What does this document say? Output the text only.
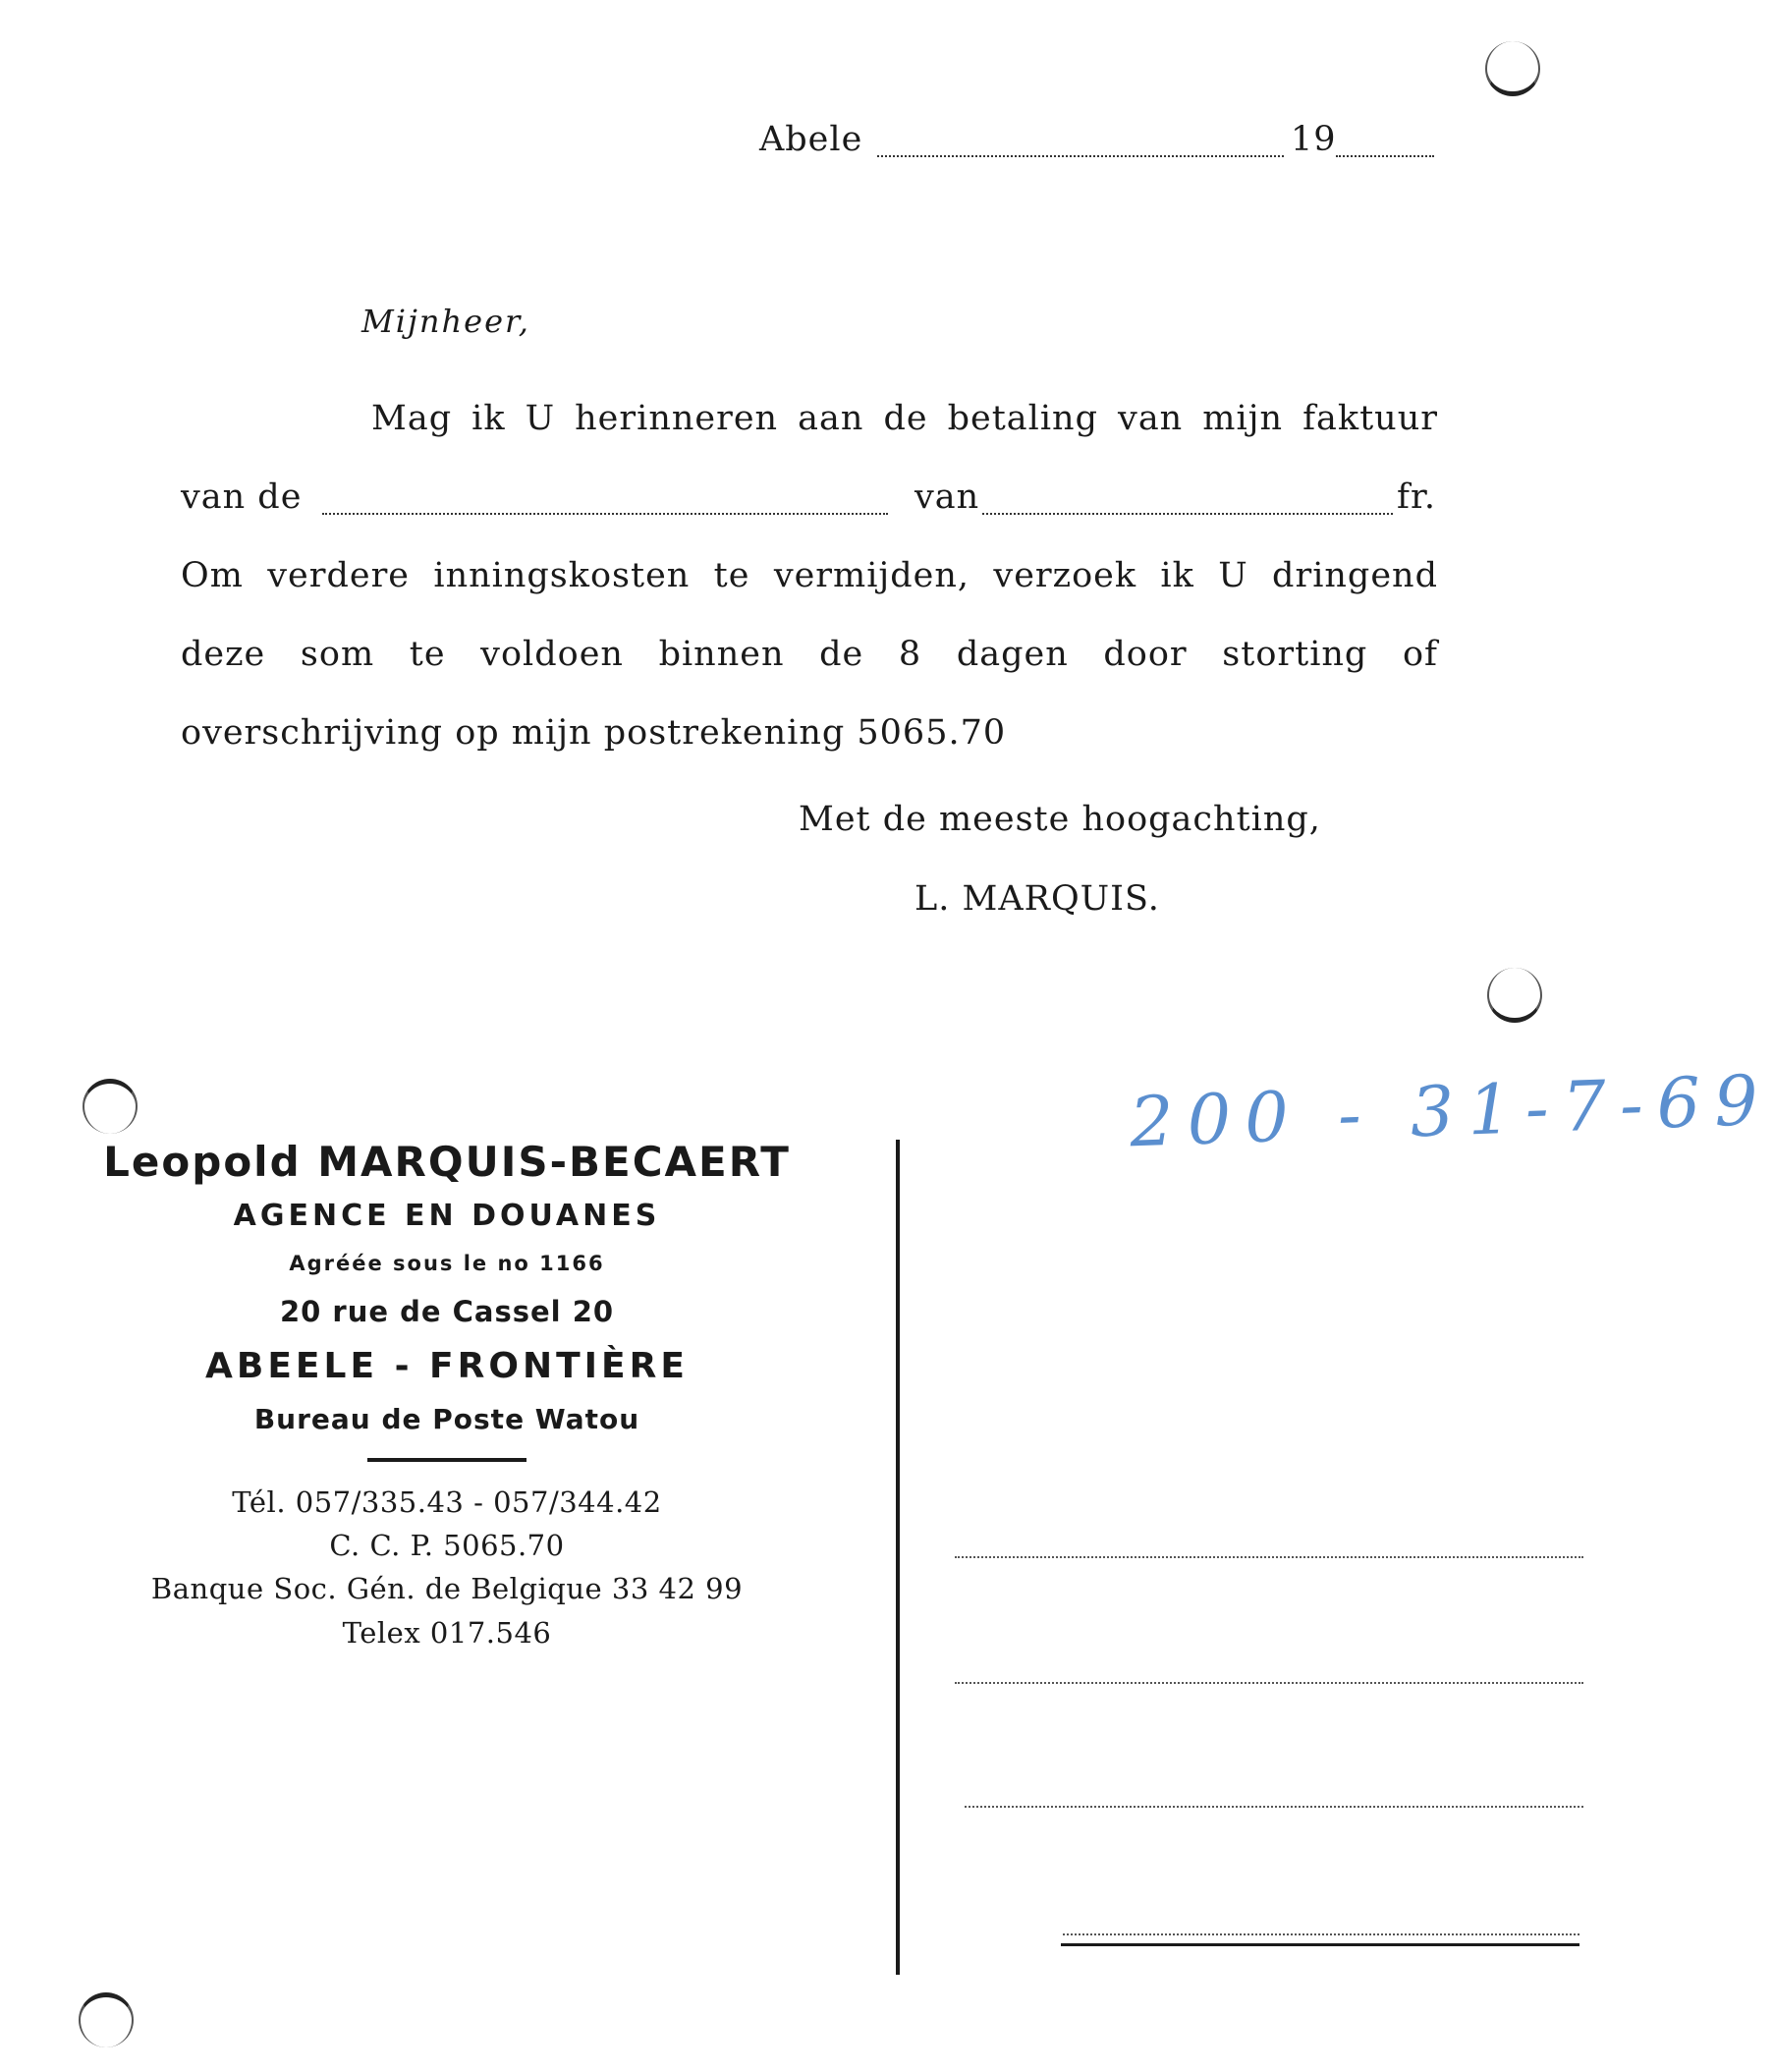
Abele	19
Mijnheer,
Mag ik U herinneren aan de betaling van mijn faktuur
van de	van	fr.
Om verdere inningskosten te vermijden, verzoek ik U dringend
deze som te voldoen binnen de 8 dagen door storting of
overschrijving op mijn postrekening 5065.70
Met de meeste hoogachting,
L. MARQUIS.
Leopold MARQUIS-BECAERT
AGENCE EN DOUANES
Agréée sous le no 1166
20 rue de Cassel 20
ABEELE - FRONTIÈRE
Bureau de Poste Watou
Tél. 057/335.43 - 057/344.42
C. C. P. 5065.70
Banque Soc. Gén. de Belgique 33 42 99
Telex 017.546
200 - 31-7-69
